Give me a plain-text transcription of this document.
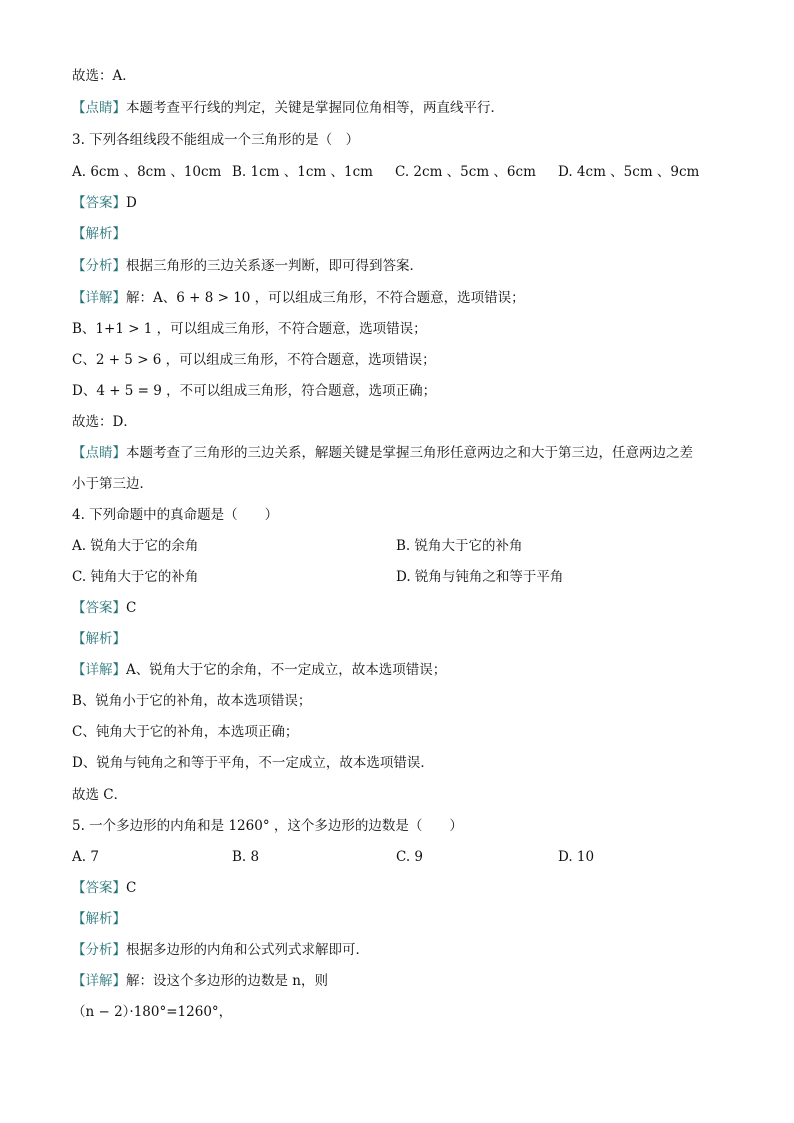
故选：A．
【点睛】本题考查平行线的判定，关键是掌握同位角相等，两直线平行．
3. 下列各组线段不能组成一个三角形的是（　）
A. 6cm 、8cm 、10cm B. 1cm 、1cm 、1cm C. 2cm 、5cm 、6cm D. 4cm 、5cm 、9cm
【答案】D
【解析】
【分析】根据三角形的三边关系逐一判断，即可得到答案．
【详解】解：A、6 + 8 > 10 ，可以组成三角形，不符合题意，选项错误；
B、1+1 > 1 ，可以组成三角形，不符合题意，选项错误；
C、2 + 5 > 6 ，可以组成三角形，不符合题意，选项错误；
D、4 + 5 = 9 ，不可以组成三角形，符合题意，选项正确；
故选：D．
【点睛】本题考查了三角形的三边关系，解题关键是掌握三角形任意两边之和大于第三边，任意两边之差
小于第三边．
4. 下列命题中的真命题是（　　）
A. 锐角大于它的余角	B. 锐角大于它的补角
C. 钝角大于它的补角	D. 锐角与钝角之和等于平角
【答案】C
【解析】
【详解】A、锐角大于它的余角，不一定成立，故本选项错误；
B、锐角小于它的补角，故本选项错误；
C、钝角大于它的补角，本选项正确；
D、锐角与钝角之和等于平角，不一定成立，故本选项错误．
故选 C．
5. 一个多边形的内角和是 1260° ，这个多边形的边数是（　　）
A. 7	B. 8	C. 9	D. 10
【答案】C
【解析】
【分析】根据多边形的内角和公式列式求解即可．
【详解】解：设这个多边形的边数是 n，则
（n − 2）·180°=1260°，
